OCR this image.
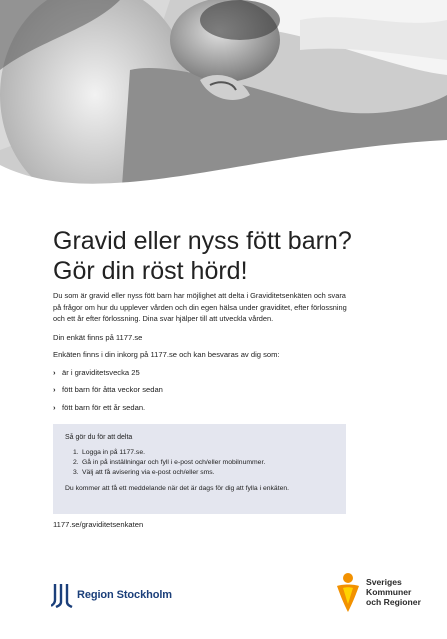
Gravid eller nyss fött barn?
Gör din röst hörd!

Du som är gravid eller nyss fött barn har möjlighet att delta i Graviditetsenkäten och svara på frågor om hur du upplever vården och din egen hälsa under graviditet, efter förlossning och ett år efter förlossning. Dina svar hjälper till att utveckla vården.

Din enkät finns på 1177.se

Enkäten finns i din inkorg på 1177.se och kan besvaras av dig som:

› är i graviditetsvecka 25

› fött barn för åtta veckor sedan

› fött barn för ett år sedan.

Så gör du för att delta

1. Logga in på 1177.se.

2. Gå in på inställningar och fyll i e-post och/eller mobilnummer.

3. Välj att få avisering via e-post och/eller sms.

Du kommer att få ett meddelande när det är dags för dig att fylla i enkäten.

1177.se/graviditetsenkaten

Region Stockholm
Sveriges
Kommuner
och Regioner
